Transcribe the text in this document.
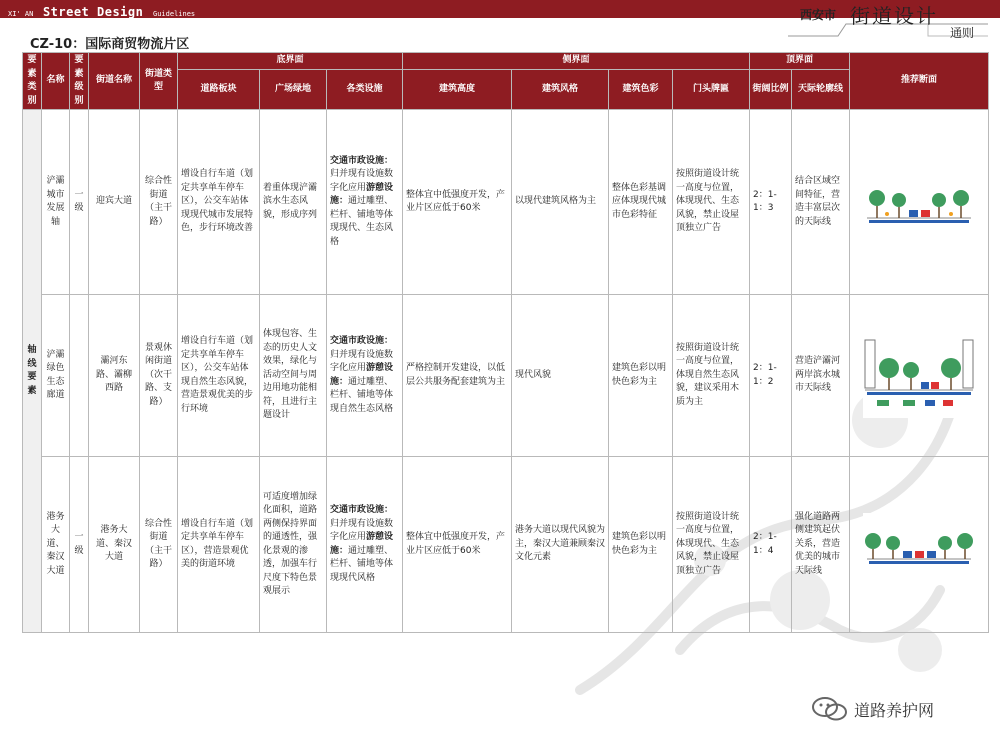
XI' AN Street Design Guidelines	西安市 街道设计
通则
CZ-10：国际商贸物流片区
要素类别	名称	要素级别	街道名称	街道类型	底界面			侧界面				顶界面		推荐断面
					道路板块	广场绿地	各类设施	建筑高度	建筑风格	建筑色彩	门头牌匾	街阔比例	天际轮廓线	
轴线要素	浐灞城市发展轴	一级	迎宾大道	综合性街道（主干路）	增设自行车道（划定共享单车停车区），公交车站体现现代城市发展特色，步行环境改善	着重体现浐灞滨水生态风貌，形成序列	交通市政设施：归并现有设施数字化应用游憩设施：通过雕塑、栏杆、铺地等体现现代、生态风格	整体宜中低强度开发，产业片区应低于60米	以现代建筑风格为主	整体色彩基调应体现现代城市色彩特征	按照街道设计统一高度与位置，体现现代、生态风貌，禁止设屋顶独立广告	2：1-1：3	结合区域空间特征，营造丰富层次的天际线	

	浐灞绿色生态廊道		灞河东路、灞柳西路	景观休闲街道（次干路、支路）	增设自行车道（划定共享单车停车区），公交车站体现自然生态风貌，营造景观优美的步行环境	体现包容、生态的历史人文效果，绿化与活动空间与周边用地功能相符，且进行主题设计	交通市政设施：归并现有设施数字化应用游憩设施：通过雕塑、栏杆、铺地等体现自然生态风格	严格控制开发建设，以低层公共服务配套建筑为主	现代风貌	建筑色彩以明快色彩为主	按照街道设计统一高度与位置，体现自然生态风貌，建议采用木质为主	2：1-1：2	营造浐灞河两岸滨水城市天际线	

	港务大道、秦汉大道	一级	港务大道、秦汉大道	综合性街道（主干路）	增设自行车道（划定共享单车停车区），营造景观优美的街道环境	可适度增加绿化面积，道路两侧保持界面的通透性，强化景观的渗透，加强车行尺度下特色景观展示	交通市政设施：归并现有设施数字化应用游憩设施：通过雕塑、栏杆、铺地等体现现代风格	整体宜中低强度开发，产业片区应低于60米	港务大道以现代风貌为主，秦汉大道兼顾秦汉文化元素	建筑色彩以明快色彩为主	按照街道设计统一高度与位置，体现现代、生态风貌，禁止设屋顶独立广告	2：1-1：4	强化道路两侧建筑起伏关系，营造优美的城市天际线	
道路养护网
